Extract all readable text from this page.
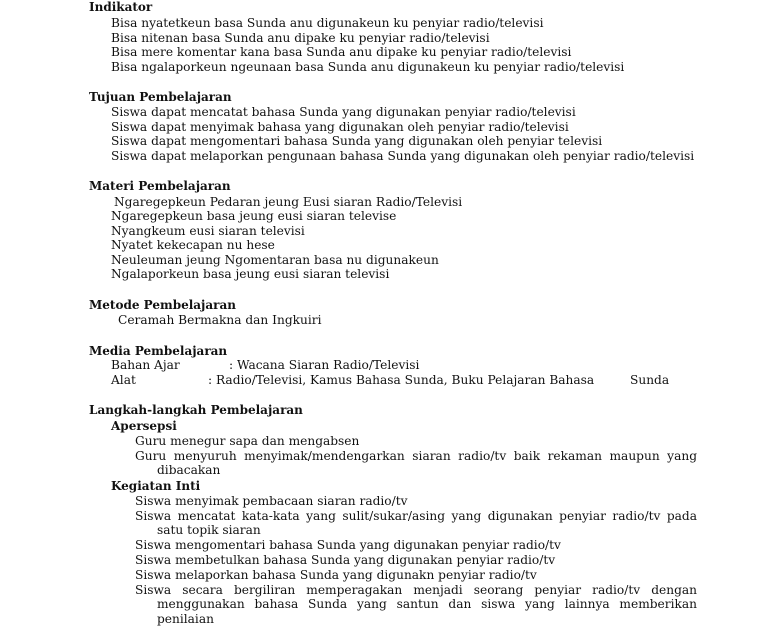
Indikator
Bisa nyatetkeun basa Sunda anu digunakeun ku penyiar radio/televisi
Bisa nitenan basa Sunda anu dipake ku penyiar radio/televisi
Bisa mere komentar kana basa Sunda anu dipake ku penyiar radio/televisi
Bisa ngalaporkeun ngeunaan basa Sunda anu digunakeun ku penyiar radio/televisi
Tujuan Pembelajaran
Siswa dapat mencatat bahasa Sunda yang digunakan penyiar radio/televisi
Siswa dapat menyimak bahasa yang digunakan oleh penyiar radio/televisi
Siswa dapat mengomentari bahasa Sunda yang digunakan oleh penyiar televisi
Siswa dapat melaporkan pengunaan bahasa Sunda yang digunakan oleh penyiar radio/televisi
Materi Pembelajaran
Ngaregepkeun Pedaran jeung Eusi siaran Radio/Televisi
Ngaregepkeun basa jeung eusi siaran televise
Nyangkeum eusi siaran televisi
Nyatet kekecapan nu hese
Neuleuman jeung Ngomentaran basa nu digunakeun
Ngalaporkeun basa jeung eusi siaran televisi
Metode Pembelajaran
Ceramah Bermakna dan Ingkuiri
Media Pembelajaran
Bahan Ajar	: Wacana Siaran Radio/Televisi
Alat	: Radio/Televisi, Kamus Bahasa Sunda, Buku Pelajaran Bahasa	Sunda
Langkah-langkah Pembelajaran
Apersepsi
Guru menegur sapa dan mengabsen
Guru menyuruh menyimak/mendengarkan siaran radio/tv baik rekaman maupun yang
dibacakan
Kegiatan Inti
Siswa menyimak pembacaan siaran radio/tv
Siswa mencatat kata-kata yang sulit/sukar/asing yang digunakan penyiar radio/tv pada
satu topik siaran
Siswa mengomentari bahasa Sunda yang digunakan penyiar radio/tv
Siswa membetulkan bahasa Sunda yang digunakan penyiar radio/tv
Siswa melaporkan bahasa Sunda yang digunakn penyiar radio/tv
Siswa secara bergiliran memperagakan menjadi seorang penyiar radio/tv dengan
menggunakan bahasa Sunda yang santun dan siswa yang lainnya memberikan
penilaian
